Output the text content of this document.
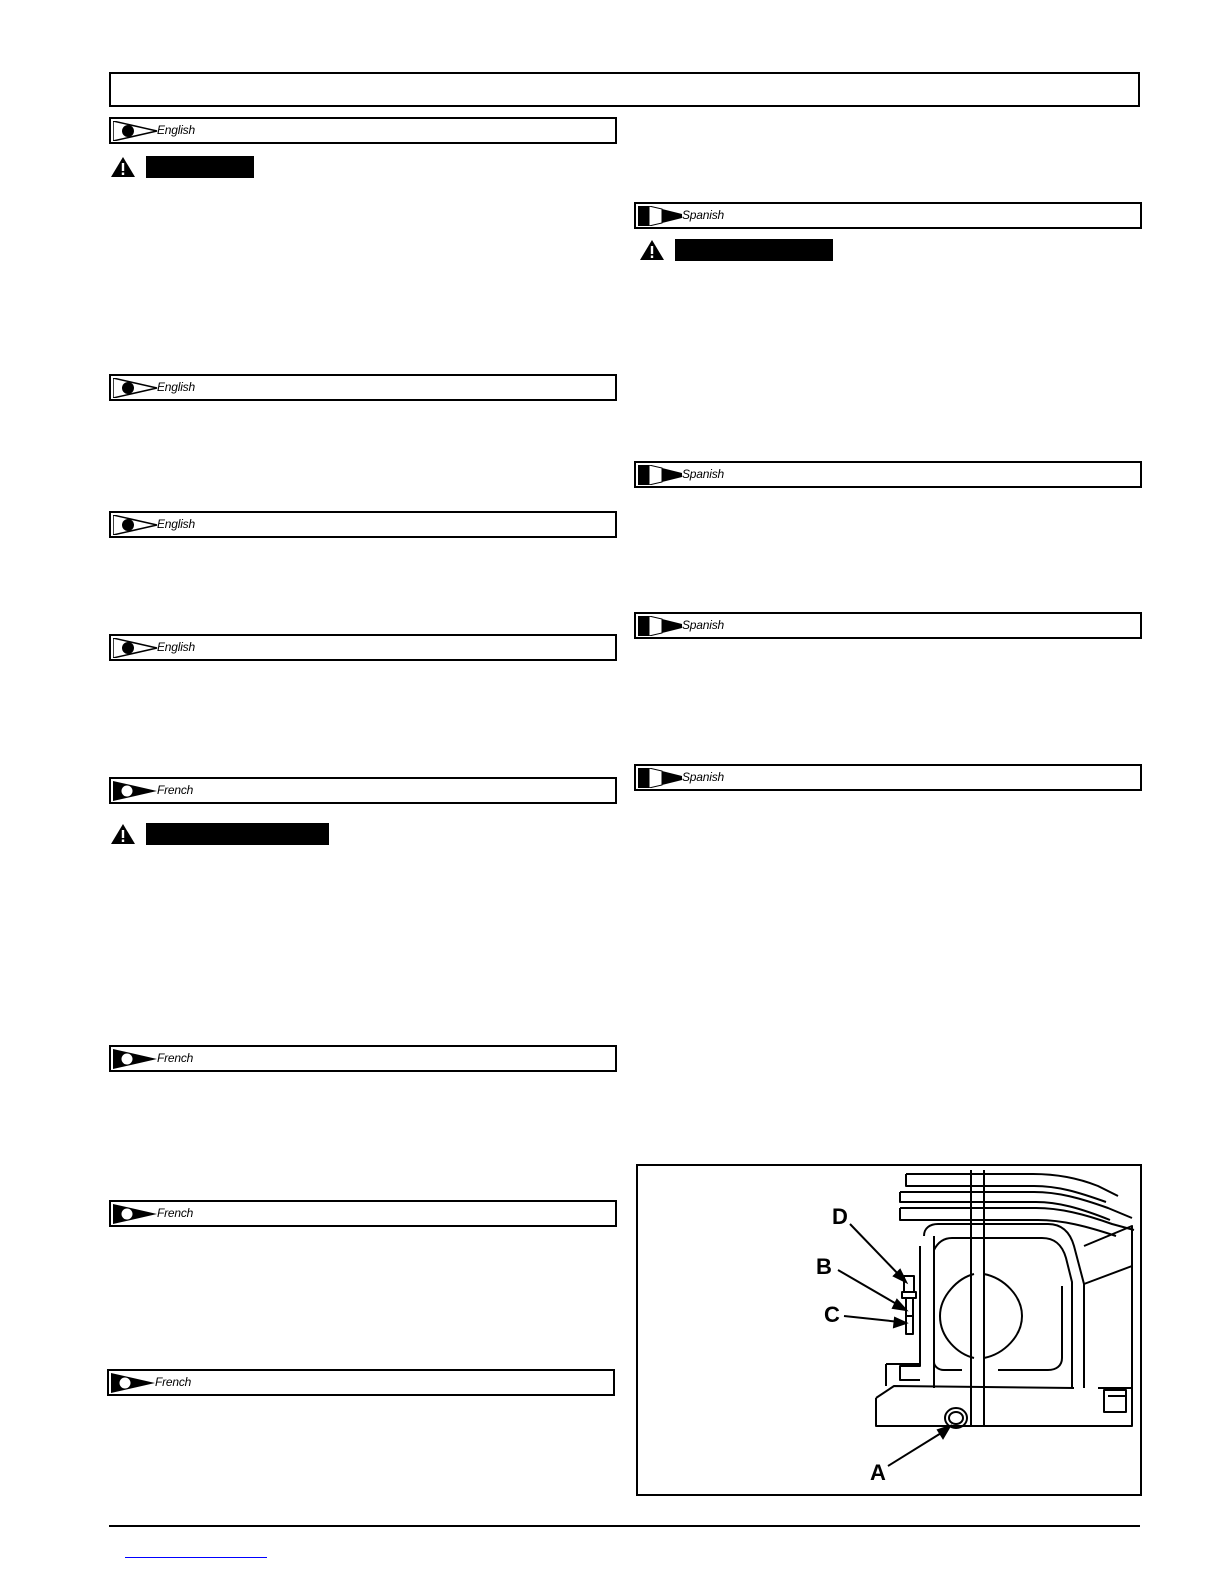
English
English
English
English
French
French
French
French
Spanish
Spanish
Spanish
Spanish
D
B
C
A
